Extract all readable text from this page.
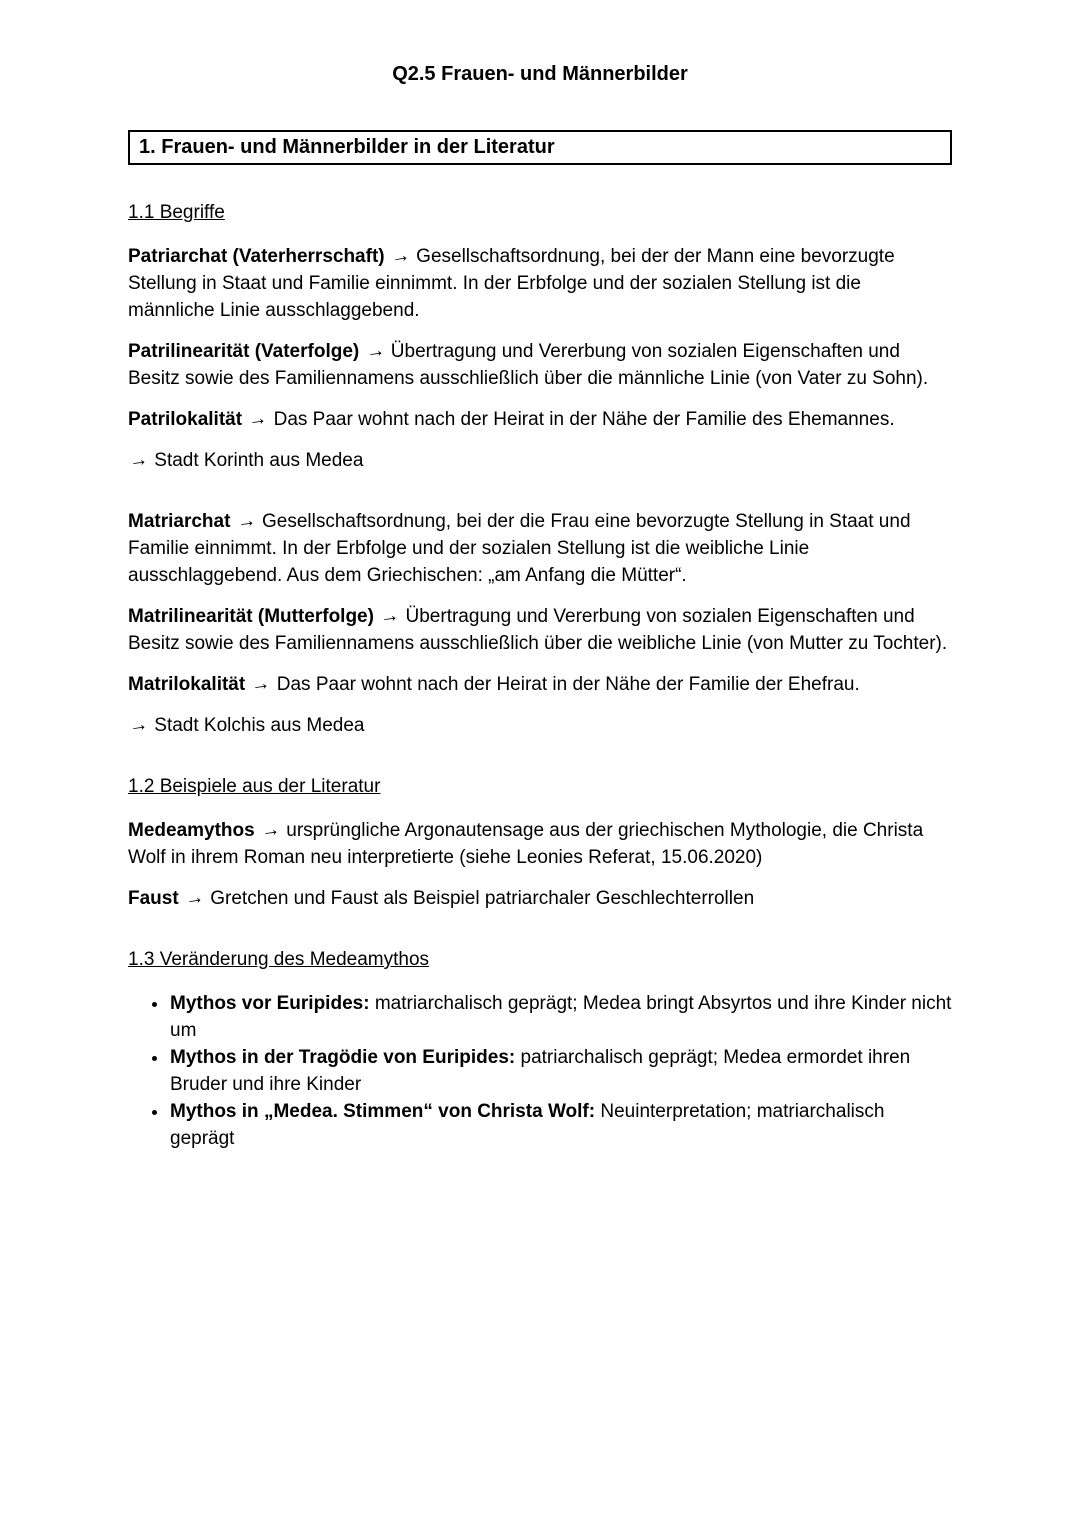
Q2.5 Frauen- und Männerbilder
1. Frauen- und Männerbilder in der Literatur
1.1 Begriffe

Patriarchat (Vaterherrschaft) → Gesellschaftsordnung, bei der der Mann eine bevorzugte Stellung in Staat und Familie einnimmt. In der Erbfolge und der sozialen Stellung ist die männliche Linie ausschlaggebend.

Patrilinearität (Vaterfolge) → Übertragung und Vererbung von sozialen Eigenschaften und Besitz sowie des Familiennamens ausschließlich über die männliche Linie (von Vater zu Sohn).

Patrilokalität → Das Paar wohnt nach der Heirat in der Nähe der Familie des Ehemannes.

→ Stadt Korinth aus Medea

Matriarchat → Gesellschaftsordnung, bei der die Frau eine bevorzugte Stellung in Staat und Familie einnimmt. In der Erbfolge und der sozialen Stellung ist die weibliche Linie ausschlaggebend. Aus dem Griechischen: „am Anfang die Mütter“.

Matrilinearität (Mutterfolge) → Übertragung und Vererbung von sozialen Eigenschaften und Besitz sowie des Familiennamens ausschließlich über die weibliche Linie (von Mutter zu Tochter).

Matrilokalität → Das Paar wohnt nach der Heirat in der Nähe der Familie der Ehefrau.

→ Stadt Kolchis aus Medea

1.2 Beispiele aus der Literatur

Medeamythos → ursprüngliche Argonautensage aus der griechischen Mythologie, die Christa Wolf in ihrem Roman neu interpretierte (siehe Leonies Referat, 15.06.2020)

Faust → Gretchen und Faust als Beispiel patriarchaler Geschlechterrollen

1.3 Veränderung des Medeamythos
• Mythos vor Euripides: matriarchalisch geprägt; Medea bringt Absyrtos und ihre Kinder nicht um
• Mythos in der Tragödie von Euripides: patriarchalisch geprägt; Medea ermordet ihren Bruder und ihre Kinder
• Mythos in „Medea. Stimmen“ von Christa Wolf: Neuinterpretation; matriarchalisch geprägt
